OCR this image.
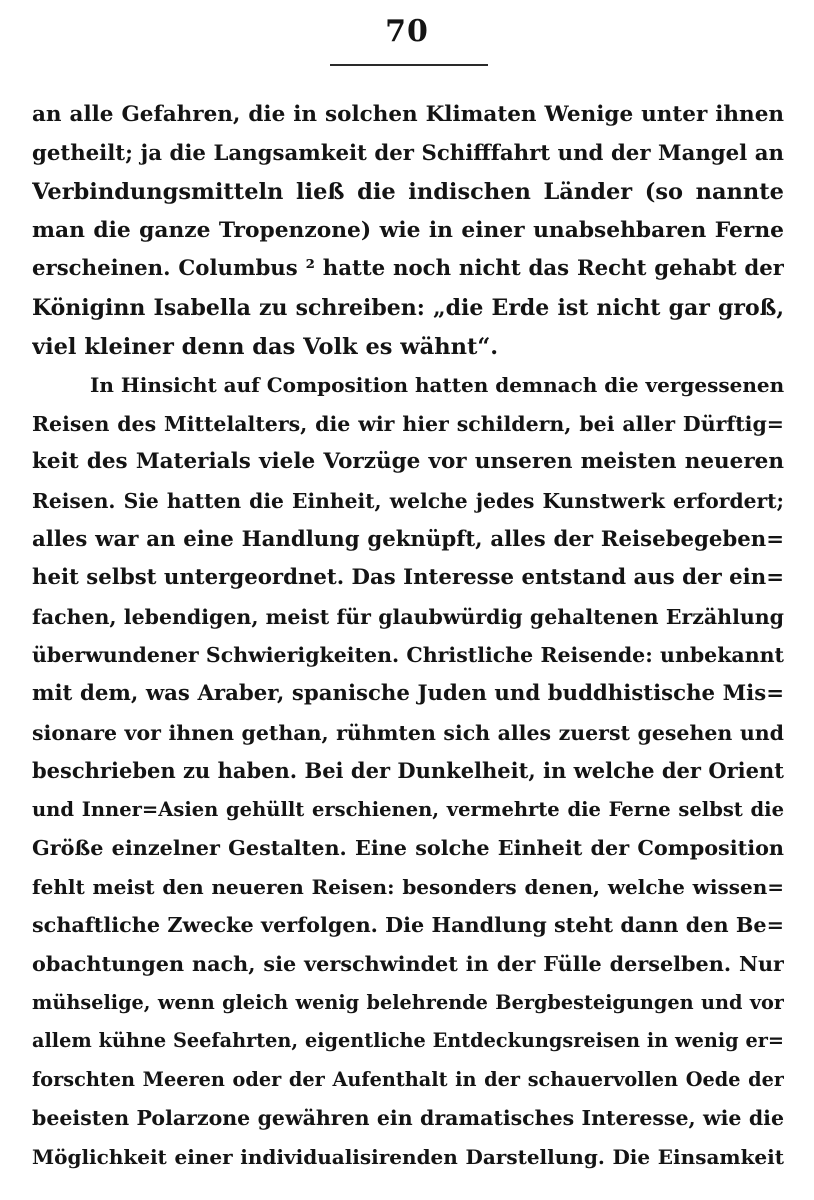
70
an alle Gefahren, die in solchen Klimaten Wenige unter ihnen
getheilt; ja die Langsamkeit der Schifffahrt und der Mangel an
Verbindungsmitteln ließ die indischen Länder (so nannte
man die ganze Tropenzone) wie in einer unabsehbaren Ferne
erscheinen. Columbus ² hatte noch nicht das Recht gehabt der
Königinn Isabella zu schreiben: „die Erde ist nicht gar groß,
viel kleiner denn das Volk es wähnt“.
In Hinsicht auf Composition hatten demnach die vergessenen
Reisen des Mittelalters, die wir hier schildern, bei aller Dürftig=
keit des Materials viele Vorzüge vor unseren meisten neueren
Reisen. Sie hatten die Einheit, welche jedes Kunstwerk erfordert;
alles war an eine Handlung geknüpft, alles der Reisebegeben=
heit selbst untergeordnet. Das Interesse entstand aus der ein=
fachen, lebendigen, meist für glaubwürdig gehaltenen Erzählung
überwundener Schwierigkeiten. Christliche Reisende: unbekannt
mit dem, was Araber, spanische Juden und buddhistische Mis=
sionare vor ihnen gethan, rühmten sich alles zuerst gesehen und
beschrieben zu haben. Bei der Dunkelheit, in welche der Orient
und Inner=Asien gehüllt erschienen, vermehrte die Ferne selbst die
Größe einzelner Gestalten. Eine solche Einheit der Composition
fehlt meist den neueren Reisen: besonders denen, welche wissen=
schaftliche Zwecke verfolgen. Die Handlung steht dann den Be=
obachtungen nach, sie verschwindet in der Fülle derselben. Nur
mühselige, wenn gleich wenig belehrende Bergbesteigungen und vor
allem kühne Seefahrten, eigentliche Entdeckungsreisen in wenig er=
forschten Meeren oder der Aufenthalt in der schauervollen Oede der
beeisten Polarzone gewähren ein dramatisches Interesse, wie die
Möglichkeit einer individualisirenden Darstellung. Die Einsamkeit
